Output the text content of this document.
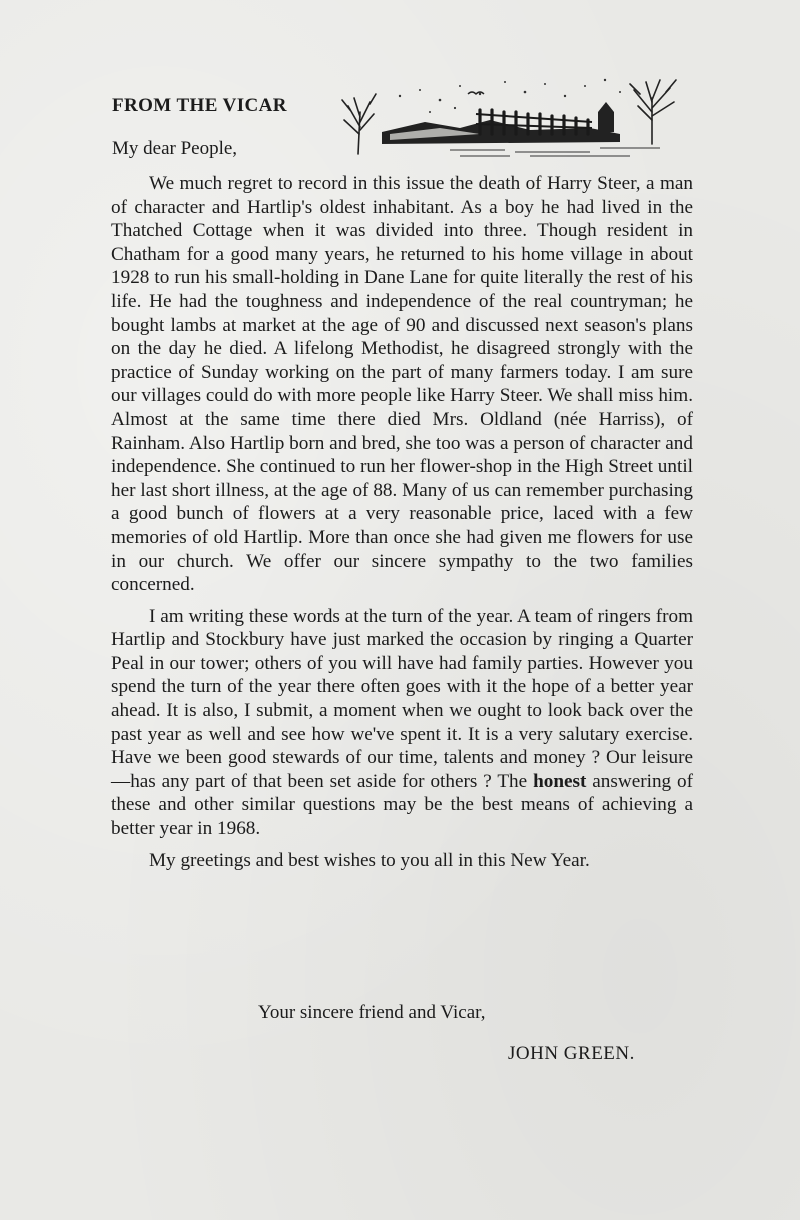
FROM THE VICAR
My dear People,

We much regret to record in this issue the death of Harry Steer, a man of character and Hartlip's oldest inhabitant. As a boy he had lived in the Thatched Cottage when it was divided into three. Though resident in Chatham for a good many years, he returned to his home village in about 1928 to run his small-holding in Dane Lane for quite literally the rest of his life. He had the toughness and independence of the real countryman; he bought lambs at market at the age of 90 and discussed next season's plans on the day he died. A lifelong Methodist, he disagreed strongly with the practice of Sunday working on the part of many farmers today. I am sure our villages could do with more people like Harry Steer. We shall miss him. Almost at the same time there died Mrs. Oldland (née Harriss), of Rainham. Also Hartlip born and bred, she too was a person of character and independence. She continued to run her flower-shop in the High Street until her last short illness, at the age of 88. Many of us can remember purchasing a good bunch of flowers at a very reasonable price, laced with a few memories of old Hartlip. More than once she had given me flowers for use in our church. We offer our sincere sympathy to the two families concerned.

I am writing these words at the turn of the year. A team of ringers from Hartlip and Stockbury have just marked the occasion by ringing a Quarter Peal in our tower; others of you will have had family parties. However you spend the turn of the year there often goes with it the hope of a better year ahead. It is also, I submit, a moment when we ought to look back over the past year as well and see how we've spent it. It is a very salutary exercise. Have we been good stewards of our time, talents and money ? Our leisure—has any part of that been set aside for others ? The honest answering of these and other similar questions may be the best means of achieving a better year in 1968.

My greetings and best wishes to you all in this New Year.

Your sincere friend and Vicar,
JOHN GREEN.
